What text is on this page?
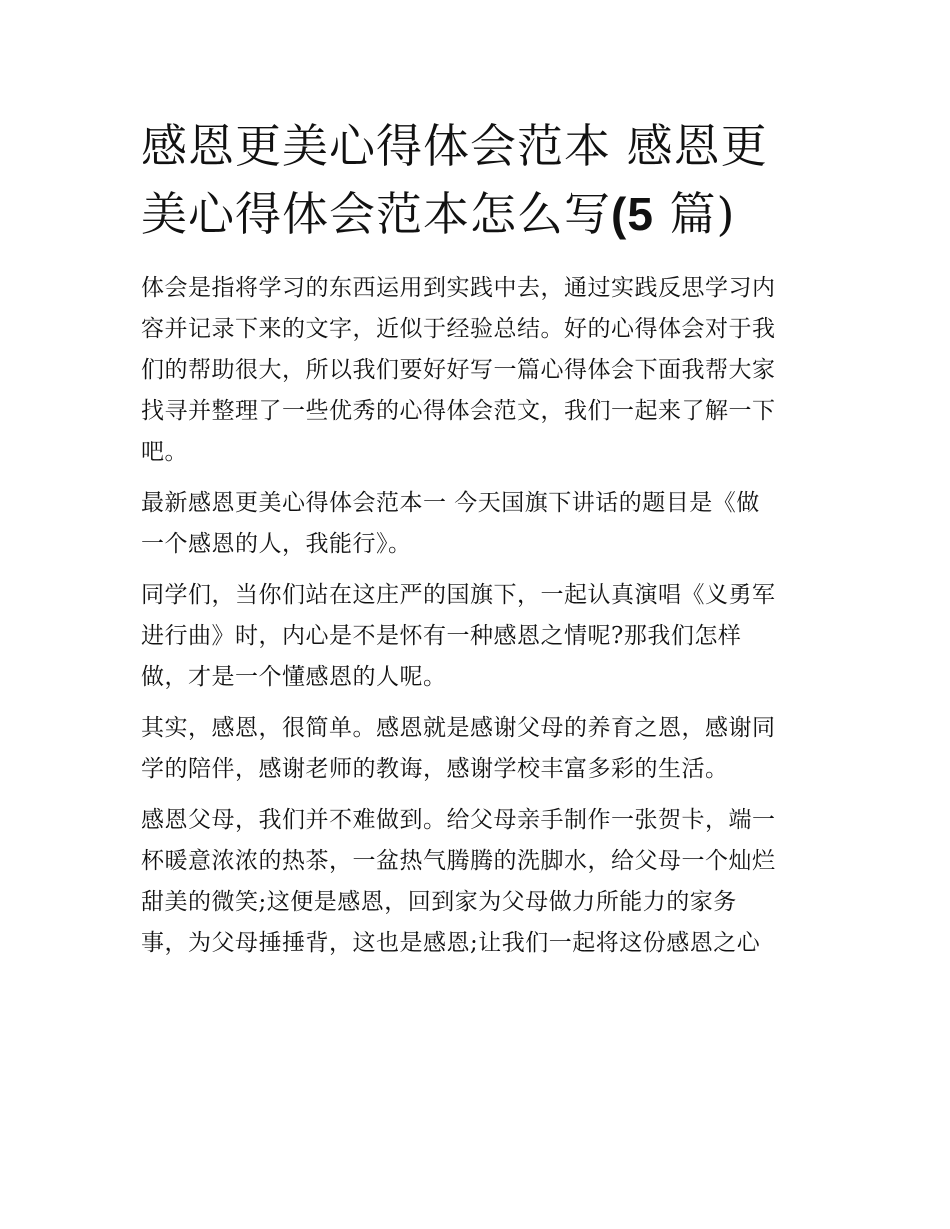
感恩更美心得体会范本 感恩更
美心得体会范本怎么写(5 篇)
体会是指将学习的东西运用到实践中去，通过实践反思学习内
容并记录下来的文字，近似于经验总结。好的心得体会对于我
们的帮助很大，所以我们要好好写一篇心得体会下面我帮大家
找寻并整理了一些优秀的心得体会范文，我们一起来了解一下
吧。
最新感恩更美心得体会范本一 今天国旗下讲话的题目是《做
一个感恩的人，我能行》。
同学们，当你们站在这庄严的国旗下，一起认真演唱《义勇军
进行曲》时，内心是不是怀有一种感恩之情呢?那我们怎样
做，才是一个懂感恩的人呢。
其实，感恩，很简单。感恩就是感谢父母的养育之恩，感谢同
学的陪伴，感谢老师的教诲，感谢学校丰富多彩的生活。
感恩父母，我们并不难做到。给父母亲手制作一张贺卡，端一
杯暖意浓浓的热茶，一盆热气腾腾的洗脚水，给父母一个灿烂
甜美的微笑;这便是感恩，回到家为父母做力所能力的家务
事，为父母捶捶背，这也是感恩;让我们一起将这份感恩之心
